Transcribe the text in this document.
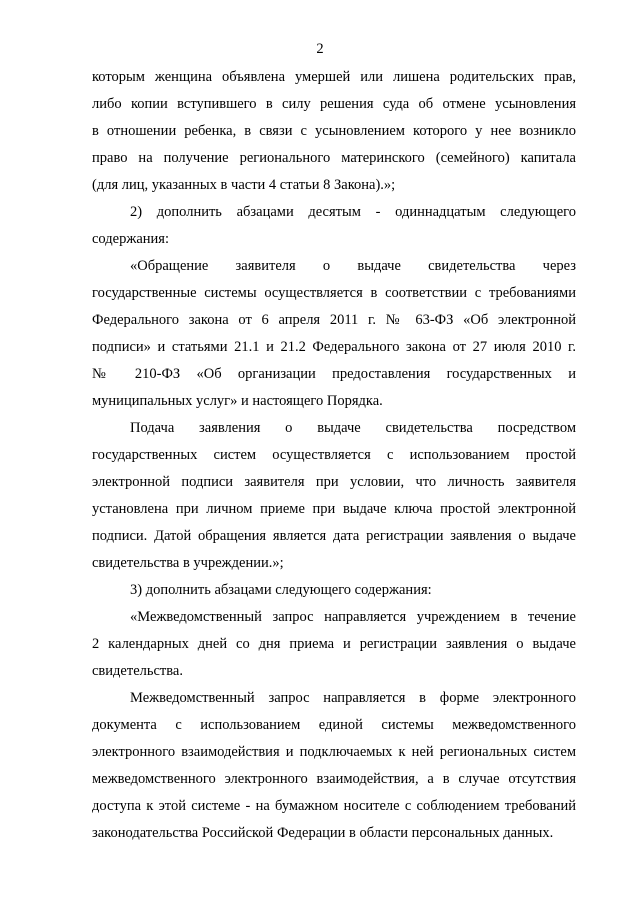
2
которым женщина объявлена умершей или лишена родительских прав,
либо копии вступившего в силу решения суда об отмене усыновления
в отношении ребенка, в связи с усыновлением которого у нее возникло
право на получение регионального материнского (семейного) капитала
(для лиц, указанных в части 4 статьи 8 Закона).»;
2) дополнить абзацами десятым - одиннадцатым следующего
содержания:
«Обращение заявителя о выдаче свидетельства через
государственные системы осуществляется в соответствии с требованиями
Федерального закона от 6 апреля 2011 г. № 63-ФЗ «Об электронной
подписи» и статьями 21.1 и 21.2 Федерального закона от 27 июля 2010 г.
№ 210-ФЗ «Об организации предоставления государственных и
муниципальных услуг» и настоящего Порядка.
Подача заявления о выдаче свидетельства посредством
государственных систем осуществляется с использованием простой
электронной подписи заявителя при условии, что личность заявителя
установлена при личном приеме при выдаче ключа простой электронной
подписи. Датой обращения является дата регистрации заявления о выдаче
свидетельства в учреждении.»;
3) дополнить абзацами следующего содержания:
«Межведомственный запрос направляется учреждением в течение
2 календарных дней со дня приема и регистрации заявления о выдаче
свидетельства.
Межведомственный запрос направляется в форме электронного
документа с использованием единой системы межведомственного
электронного взаимодействия и подключаемых к ней региональных систем
межведомственного электронного взаимодействия, а в случае отсутствия
доступа к этой системе - на бумажном носителе с соблюдением требований
законодательства Российской Федерации в области персональных данных.
